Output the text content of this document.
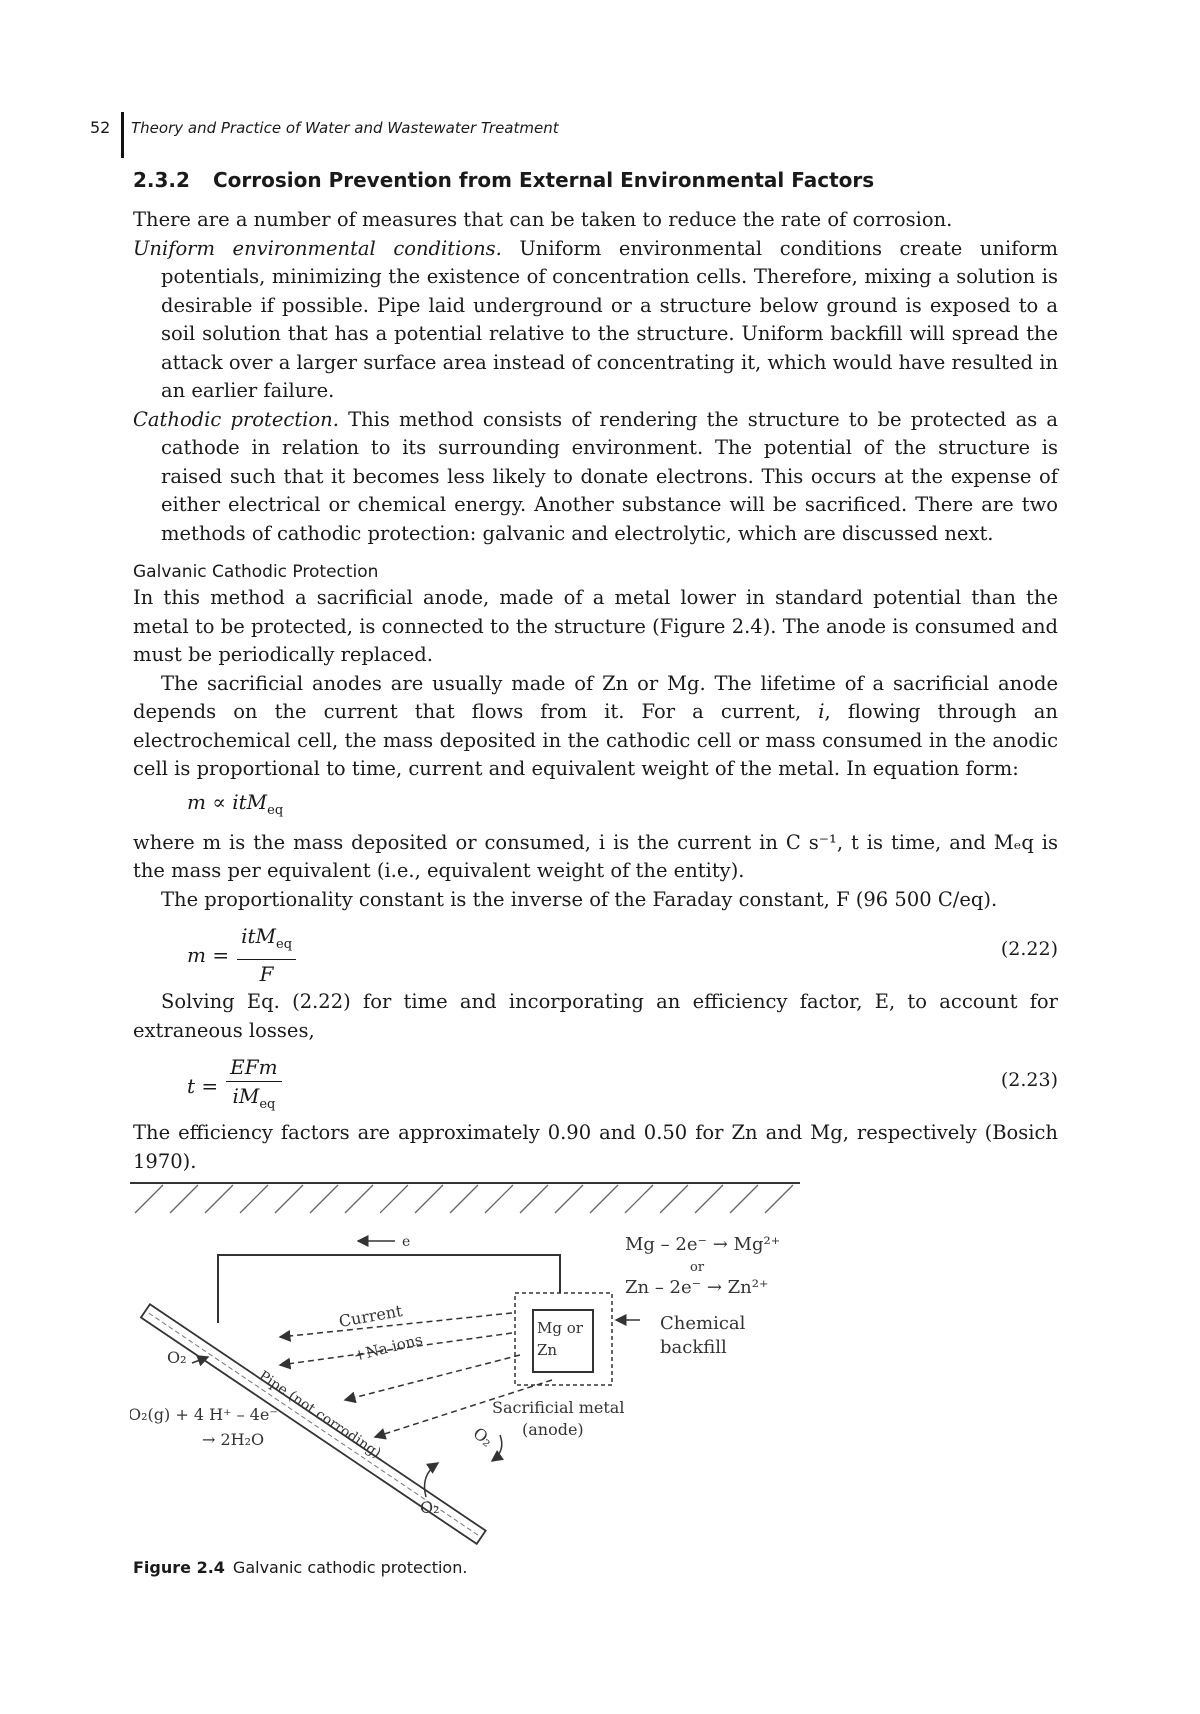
52 Theory and Practice of Water and Wastewater Treatment
2.3.2 Corrosion Prevention from External Environmental Factors

There are a number of measures that can be taken to reduce the rate of corrosion.

Uniform environmental conditions. Uniform environmental conditions create uniform potentials, minimizing the existence of concentration cells. Therefore, mixing a solution is desirable if possible. Pipe laid underground or a structure below ground is exposed to a soil solution that has a potential relative to the structure. Uniform backfill will spread the attack over a larger surface area instead of concentrating it, which would have resulted in an earlier failure.

Cathodic protection. This method consists of rendering the structure to be protected as a cathode in relation to its surrounding environment. The potential of the structure is raised such that it becomes less likely to donate electrons. This occurs at the expense of either electrical or chemical energy. Another substance will be sacrificed. There are two methods of cathodic protection: galvanic and electrolytic, which are discussed next.

Galvanic Cathodic Protection

In this method a sacrificial anode, made of a metal lower in standard potential than the metal to be protected, is connected to the structure (Figure 2.4). The anode is consumed and must be periodically replaced.

The sacrificial anodes are usually made of Zn or Mg. The lifetime of a sacrificial anode depends on the current that flows from it. For a current, i, flowing through an electrochemical cell, the mass deposited in the cathodic cell or mass consumed in the anodic cell is proportional to time, current and equivalent weight of the metal. In equation form:

m ∝ itM$_{eq}$

where m is the mass deposited or consumed, i is the current in C s⁻¹, t is time, and Mₑq is the mass per equivalent (i.e., equivalent weight of the entity).

The proportionality constant is the inverse of the Faraday constant, F (96 500 C/eq).

$m = \frac{itM_{eq}}{F}$	(2.22)

Solving Eq. (2.22) for time and incorporating an efficiency factor, E, to account for extraneous losses,

$t = \frac{\text{EFm}}{iM_{eq}}$	(2.23)

The efficiency factors are approximately 0.90 and 0.50 for Zn and Mg, respectively (Bosich 1970).

e	Mg – 2e⁻ → Mg²⁺
or
Zn – 2e⁻ → Zn²⁺
Chemical
backfill
Mg or
Zn
Sacrificial metal
(anode)
Current
+Na ions
Pipe (not corroding)
O₂
O₂(g) + 4 H⁺ – 4e⁻
→ 2H₂O
O₂
O₂
Figure 2.4 Galvanic cathodic protection.
